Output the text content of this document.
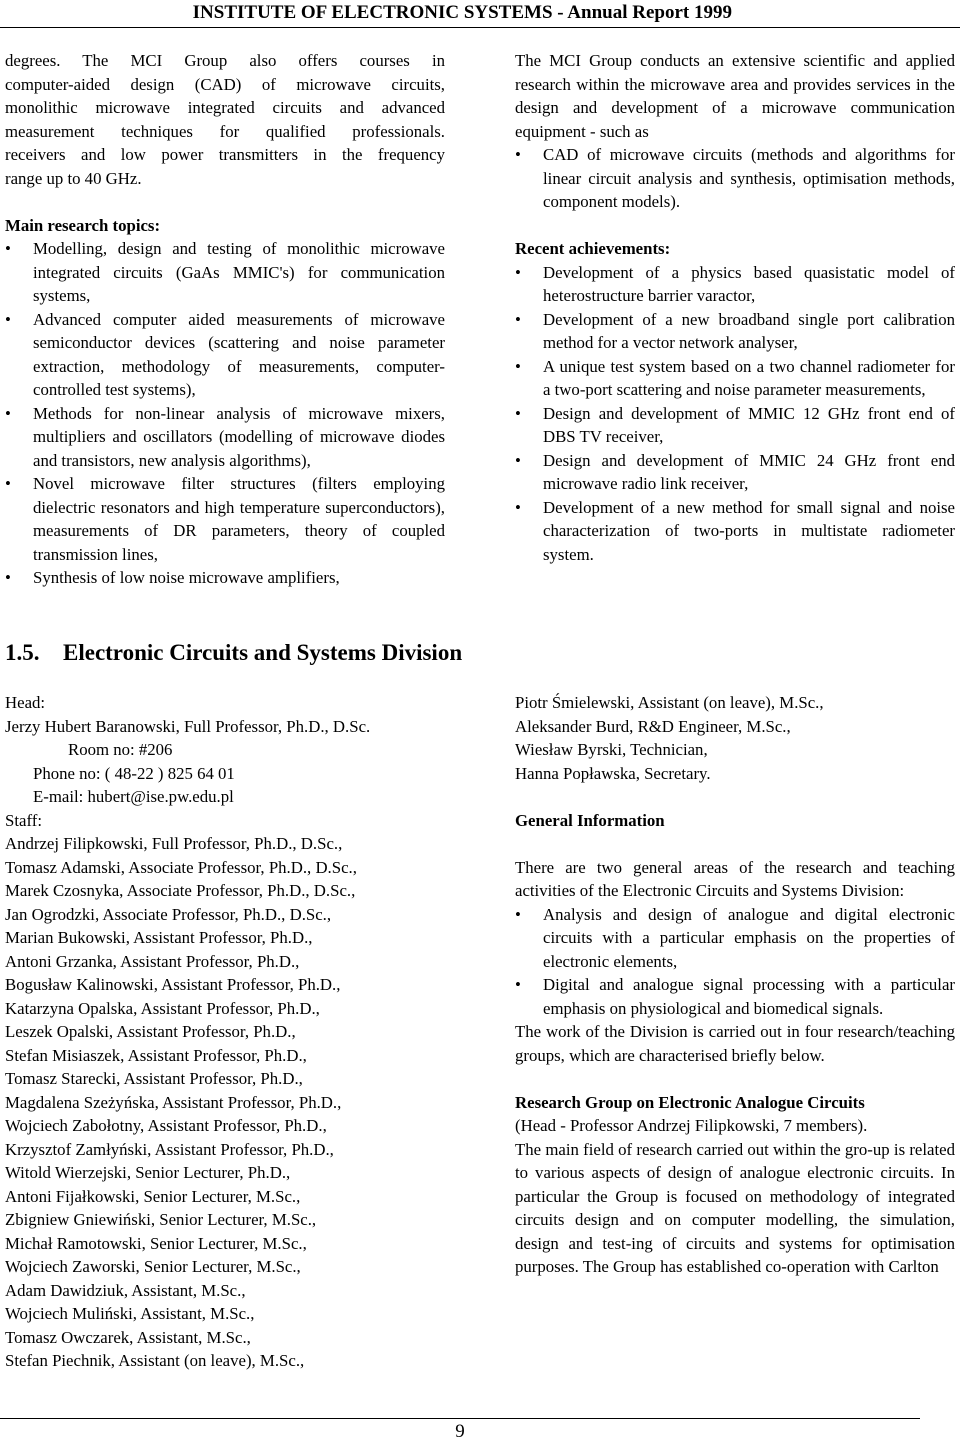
INSTITUTE OF ELECTRONIC SYSTEMS - Annual Report 1999
degrees. The MCI Group also offers courses in
computer-aided design (CAD) of microwave circuits,
monolithic microwave integrated circuits and advanced
measurement techniques for qualified professionals.
receivers and low power transmitters in the frequency
range up to 40 GHz.

Main research topics:

• Modelling, design and testing of monolithic microwave integrated circuits (GaAs MMIC's) for communication systems,
• Advanced computer aided measurements of microwave semiconductor devices (scattering and noise parameter extraction, methodology of measurements, computer-controlled test systems),
• Methods for non-linear analysis of microwave mixers, multipliers and oscillators (modelling of microwave diodes and transistors, new analysis algorithms),
• Novel microwave filter structures (filters employing dielectric resonators and high temperature superconductors), measurements of DR parameters, theory of coupled transmission lines,
• Synthesis of low noise microwave amplifiers,

The MCI Group conducts an extensive scientific and applied research within the microwave area and provides services in the design and development of a microwave communication equipment - such as

• CAD of microwave circuits (methods and algorithms for linear circuit analysis and synthesis, optimisation methods, component models).

Recent achievements:

• Development of a physics based quasistatic model of heterostructure barrier varactor,
• Development of a new broadband single port calibration method for a vector network analyser,
• A unique test system based on a two channel radiometer for a two-port scattering and noise parameter measurements,
• Design and development of MMIC 12 GHz front end of DBS TV receiver,
• Design and development of MMIC 24 GHz front end microwave radio link receiver,
• Development of a new method for small signal and noise characterization of two-ports in multistate radiometer system.
1.5. Electronic Circuits and Systems Division

Head:

Jerzy Hubert Baranowski, Full Professor, Ph.D., D.Sc.

Room no: #206

Phone no: ( 48-22 ) 825 64 01

E-mail: hubert@ise.pw.edu.pl

Staff:

Andrzej Filipkowski, Full Professor, Ph.D., D.Sc.,

Tomasz Adamski, Associate Professor, Ph.D., D.Sc.,

Marek Czosnyka, Associate Professor, Ph.D., D.Sc.,

Jan Ogrodzki, Associate Professor, Ph.D., D.Sc.,

Marian Bukowski, Assistant Professor, Ph.D.,

Antoni Grzanka, Assistant Professor, Ph.D.,

Bogusław Kalinowski, Assistant Professor, Ph.D.,

Katarzyna Opalska, Assistant Professor, Ph.D.,

Leszek Opalski, Assistant Professor, Ph.D.,

Stefan Misiaszek, Assistant Professor, Ph.D.,

Tomasz Starecki, Assistant Professor, Ph.D.,

Magdalena Szeżyńska, Assistant Professor, Ph.D.,

Wojciech Zabołotny, Assistant Professor, Ph.D.,

Krzysztof Zamłyński, Assistant Professor, Ph.D.,

Witold Wierzejski, Senior Lecturer, Ph.D.,

Antoni Fijałkowski, Senior Lecturer, M.Sc.,

Zbigniew Gniewiński, Senior Lecturer, M.Sc.,

Michał Ramotowski, Senior Lecturer, M.Sc.,

Wojciech Zaworski, Senior Lecturer, M.Sc.,

Adam Dawidziuk, Assistant, M.Sc.,

Wojciech Muliński, Assistant, M.Sc.,

Tomasz Owczarek, Assistant, M.Sc.,

Stefan Piechnik, Assistant (on leave), M.Sc.,

Piotr Śmielewski, Assistant (on leave), M.Sc.,

Aleksander Burd, R&D Engineer, M.Sc.,

Wiesław Byrski, Technician,

Hanna Popławska, Secretary.

General Information

There are two general areas of the research and teaching activities of the Electronic Circuits and Systems Division:

• Analysis and design of analogue and digital electronic circuits with a particular emphasis on the properties of electronic elements,
• Digital and analogue signal processing with a particular emphasis on physiological and biomedical signals.

The work of the Division is carried out in four research/teaching groups, which are characterised briefly below.

Research Group on Electronic Analogue Circuits

(Head - Professor Andrzej Filipkowski, 7 members).

The main field of research carried out within the gro-up is related to various aspects of design of analogue electronic circuits. In particular the Group is focused on methodology of integrated circuits design and on computer modelling, the simulation, design and test-ing of circuits and systems for optimisation purposes. The Group has established co-operation with Carlton

9
